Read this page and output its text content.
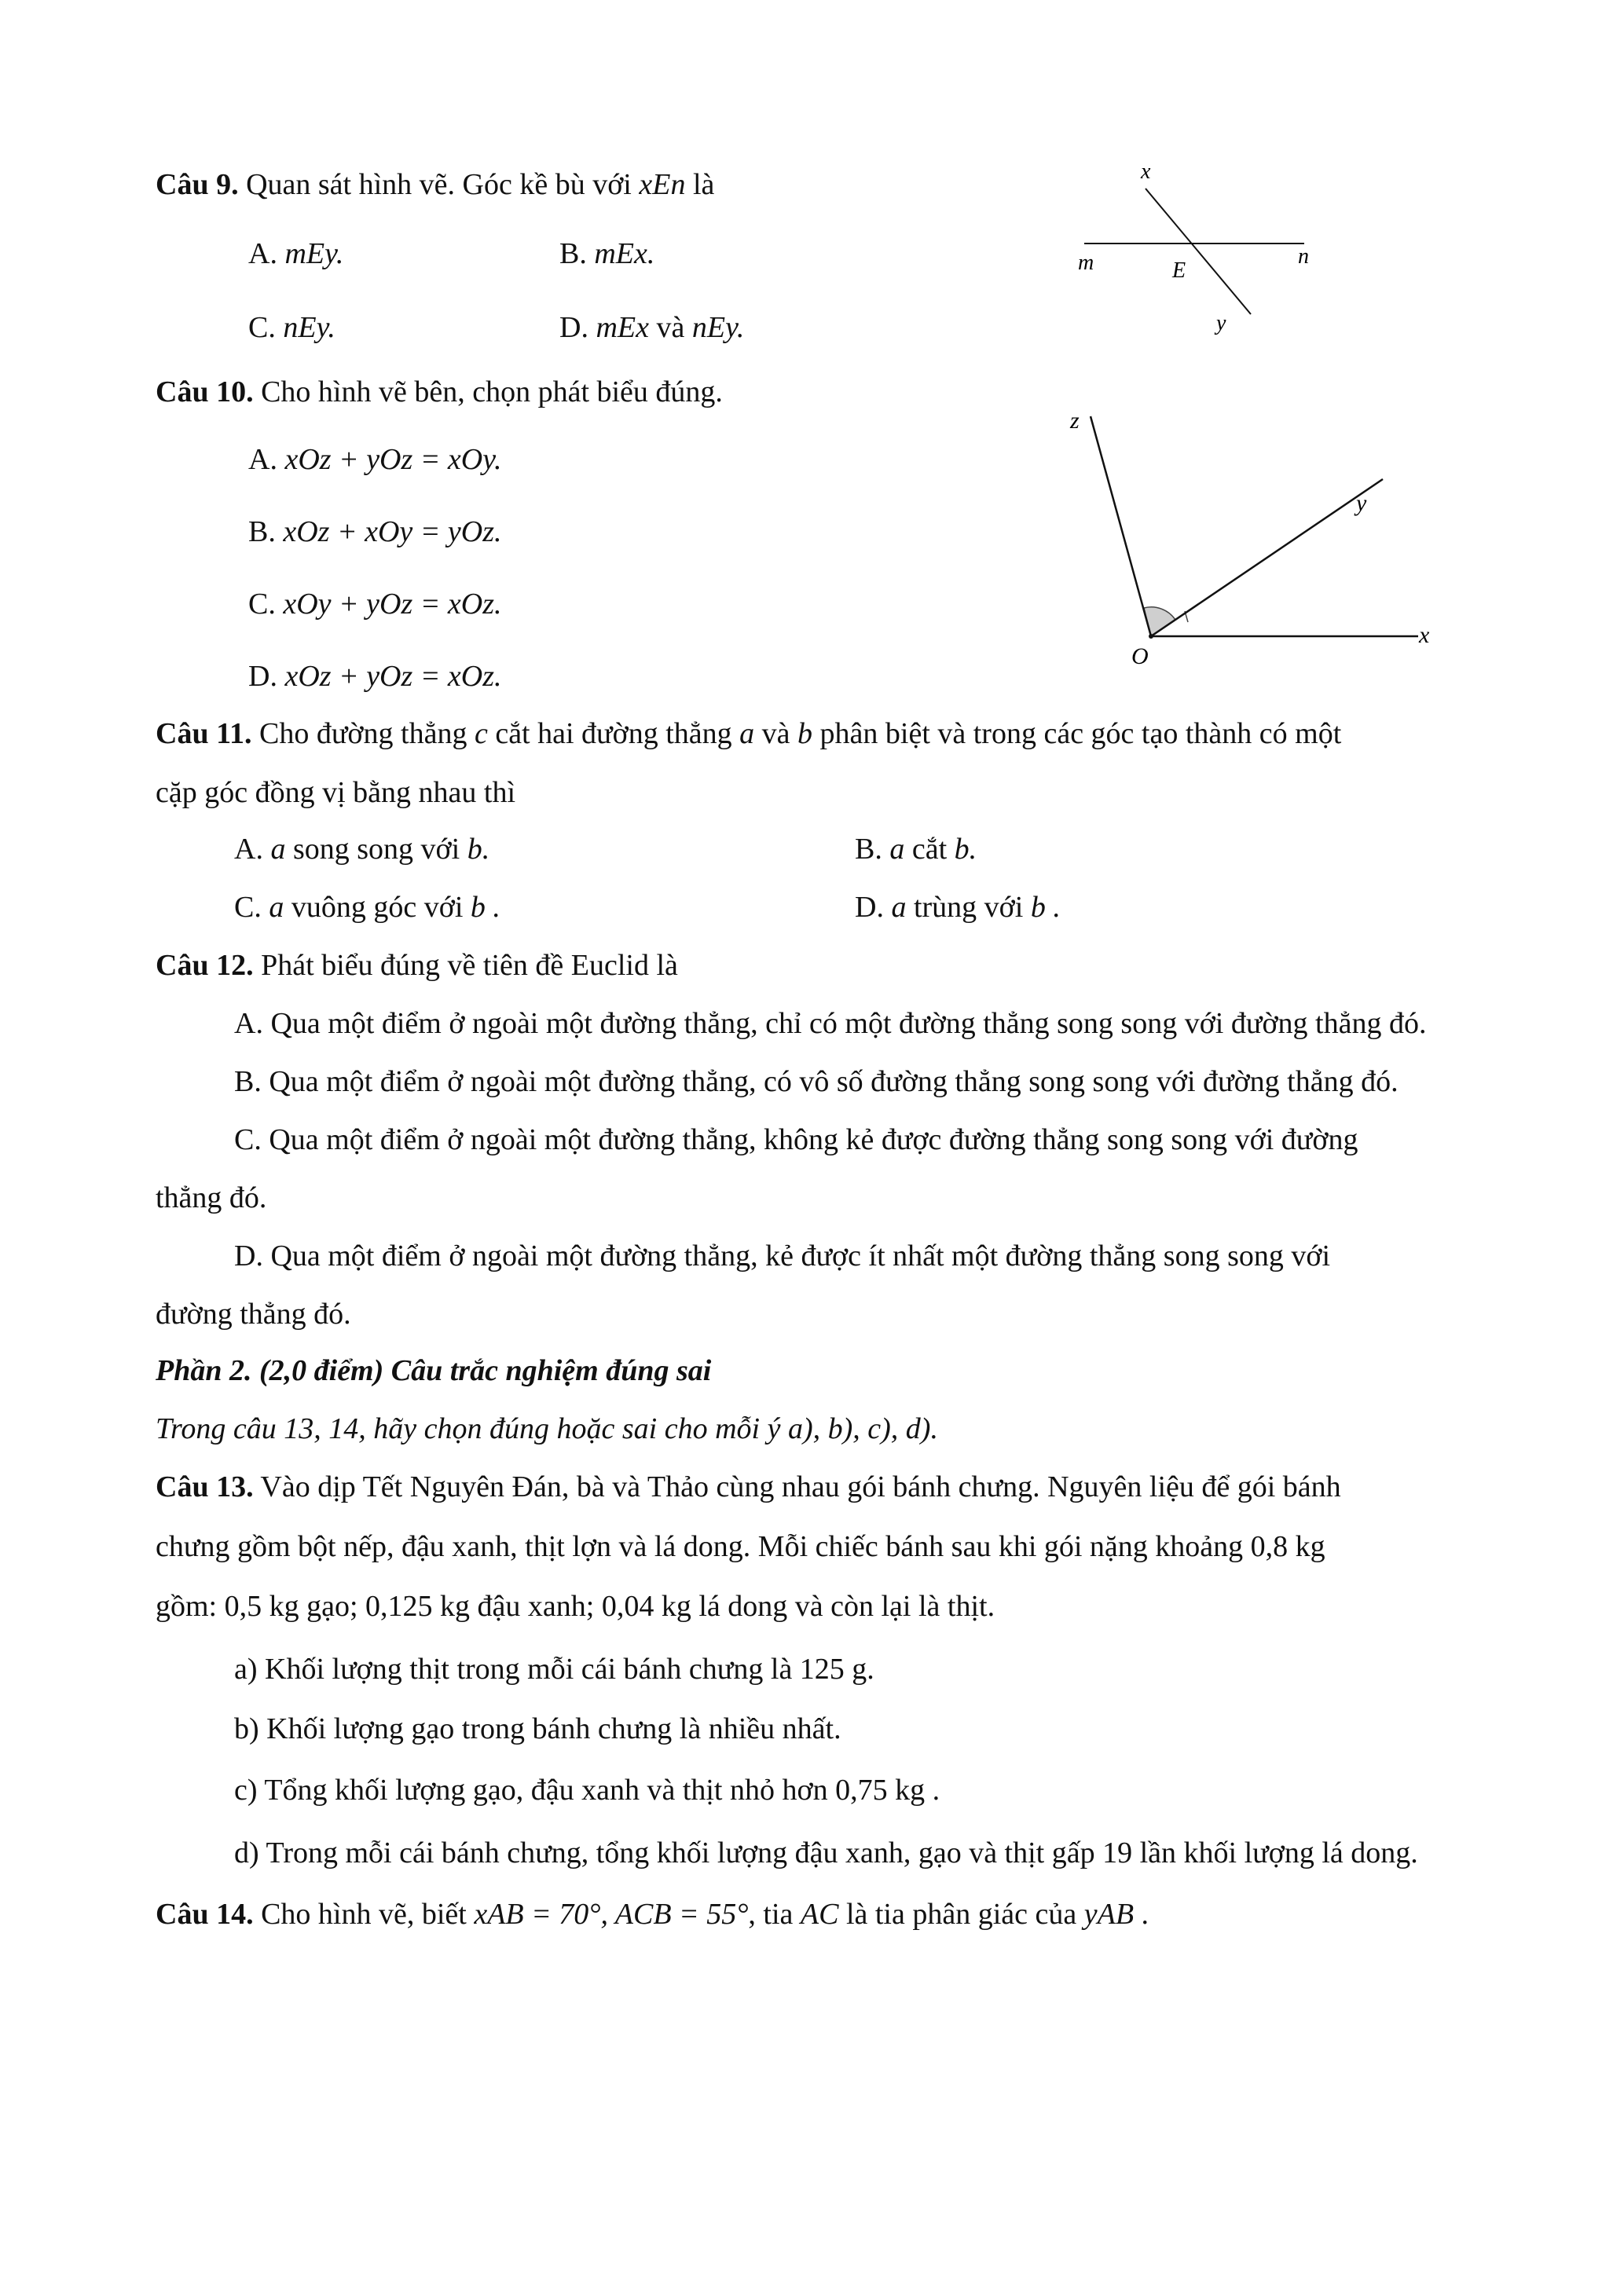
Câu 9. Quan sát hình vẽ. Góc kề bù với xEn là
A. mEy.	B. mEx.
C. nEy.	D. mEx và nEy.
x
m	E
n
y
Câu 10. Cho hình vẽ bên, chọn phát biểu đúng.
A. xOz + yOz = xOy.
B. xOz + xOy = yOz.
C. xOy + yOz = xOz.
D. xOz + yOz = xOz.
z
y
O
x
Câu 11. Cho đường thẳng c cắt hai đường thẳng a và b phân biệt và trong các góc tạo thành có một
cặp góc đồng vị bằng nhau thì
A. a song song với b.	B. a cắt b.
C. a vuông góc với b .	D. a trùng với b .
Câu 12. Phát biểu đúng về tiên đề Euclid là
A. Qua một điểm ở ngoài một đường thẳng, chỉ có một đường thẳng song song với đường thẳng đó.
B. Qua một điểm ở ngoài một đường thẳng, có vô số đường thẳng song song với đường thẳng đó.
C. Qua một điểm ở ngoài một đường thẳng, không kẻ được đường thẳng song song với đường
thẳng đó.
D. Qua một điểm ở ngoài một đường thẳng, kẻ được ít nhất một đường thẳng song song với
đường thẳng đó.
Phần 2. (2,0 điểm) Câu trắc nghiệm đúng sai
Trong câu 13, 14, hãy chọn đúng hoặc sai cho mỗi ý a), b), c), d).
Câu 13. Vào dịp Tết Nguyên Đán, bà và Thảo cùng nhau gói bánh chưng. Nguyên liệu để gói bánh
chưng gồm bột nếp, đậu xanh, thịt lợn và lá dong. Mỗi chiếc bánh sau khi gói nặng khoảng 0,8 kg
gồm: 0,5 kg gạo; 0,125 kg đậu xanh; 0,04 kg lá dong và còn lại là thịt.
a) Khối lượng thịt trong mỗi cái bánh chưng là 125 g.
b) Khối lượng gạo trong bánh chưng là nhiều nhất.
c) Tổng khối lượng gạo, đậu xanh và thịt nhỏ hơn 0,75 kg .
d) Trong mỗi cái bánh chưng, tổng khối lượng đậu xanh, gạo và thịt gấp 19 lần khối lượng lá dong.
Câu 14. Cho hình vẽ, biết xAB = 70°, ACB = 55°, tia AC là tia phân giác của yAB .
